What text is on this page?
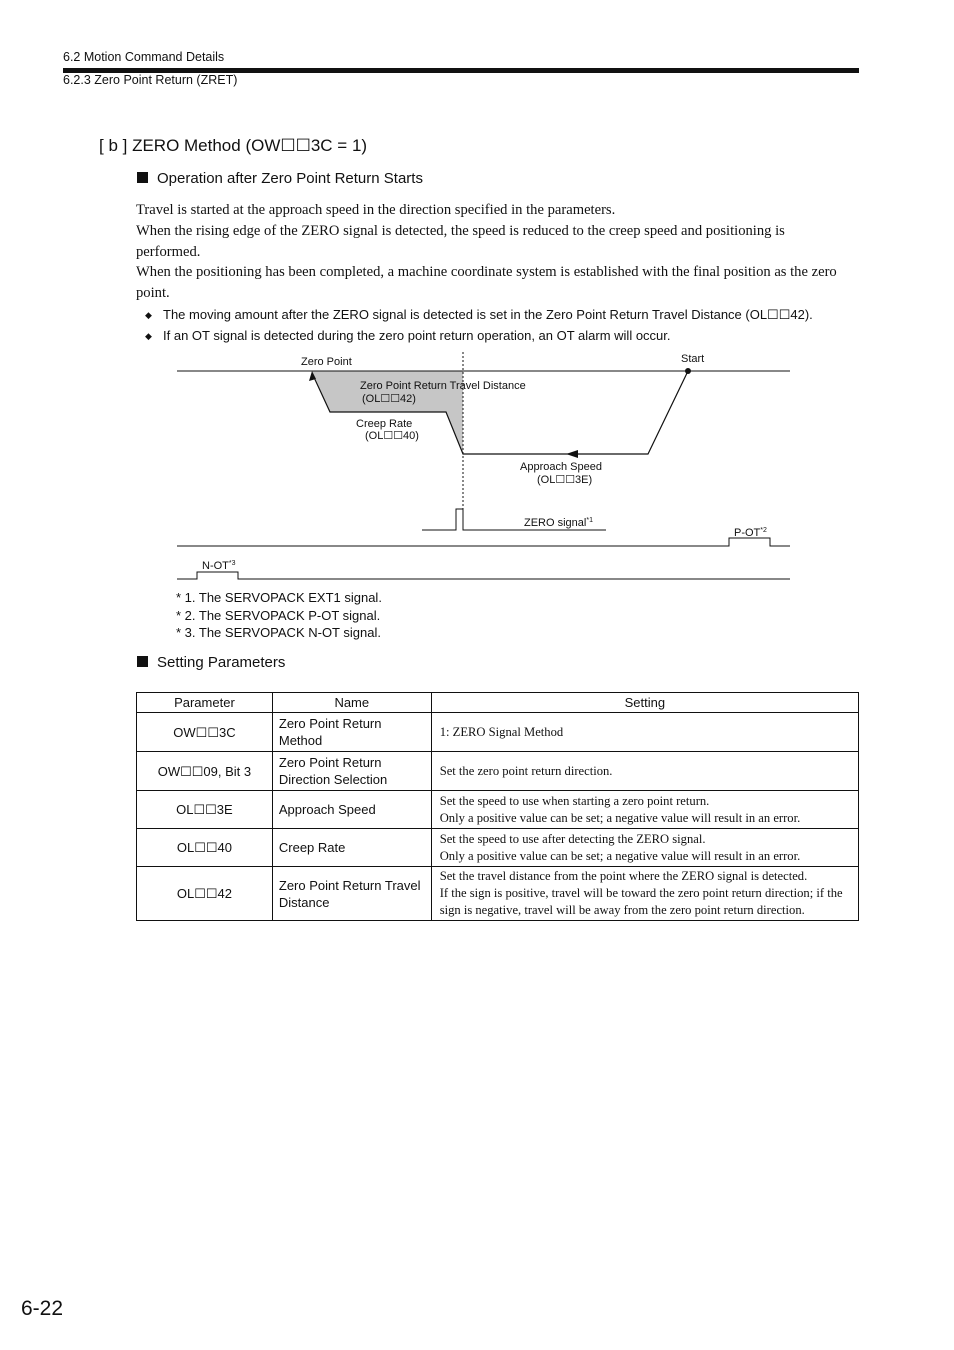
6.2 Motion Command Details
6.2.3 Zero Point Return (ZRET)
[ b ] ZERO Method (OW☐☐3C = 1)
Operation after Zero Point Return Starts

Travel is started at the approach speed in the direction specified in the parameters.

When the rising edge of the ZERO signal is detected, the speed is reduced to the creep speed and positioning is performed.

When the positioning has been completed, a machine coordinate system is established with the final position as the zero point.

◆ The moving amount after the ZERO signal is detected is set in the Zero Point Return Travel Distance (OL☐☐42).
◆ If an OT signal is detected during the zero point return operation, an OT alarm will occur.
Zero Point	Start
Zero Point Return Travel Distance
(OL☐☐42)
Creep Rate
(OL☐☐40)
Approach Speed
(OL☐☐3E)
ZERO signal$^{*1}$
P-OT$^{*2}$
N-OT$^{*3}$
* 1. The SERVOPACK EXT1 signal.
* 2. The SERVOPACK P-OT signal.
* 3. The SERVOPACK N-OT signal.
Setting Parameters
Parameter	Name	Setting
OW☐☐3C	Zero Point Return Method	1: ZERO Signal Method

OW☐☐09, Bit 3	Zero Point Return Direction Selection	Set the zero point return direction.

OL☐☐3E	Approach Speed	Set the speed to use when starting a zero point return.
Only a positive value can be set; a negative value will result in an error.

OL☐☐40	Creep Rate	Set the speed to use after detecting the ZERO signal.
Only a positive value can be set; a negative value will result in an error.

OL☐☐42	Zero Point Return Travel Distance	Set the travel distance from the point where the ZERO signal is detected.
If the sign is positive, travel will be toward the zero point return direction; if the sign is negative, travel will be away from the zero point return direction.
6-22
